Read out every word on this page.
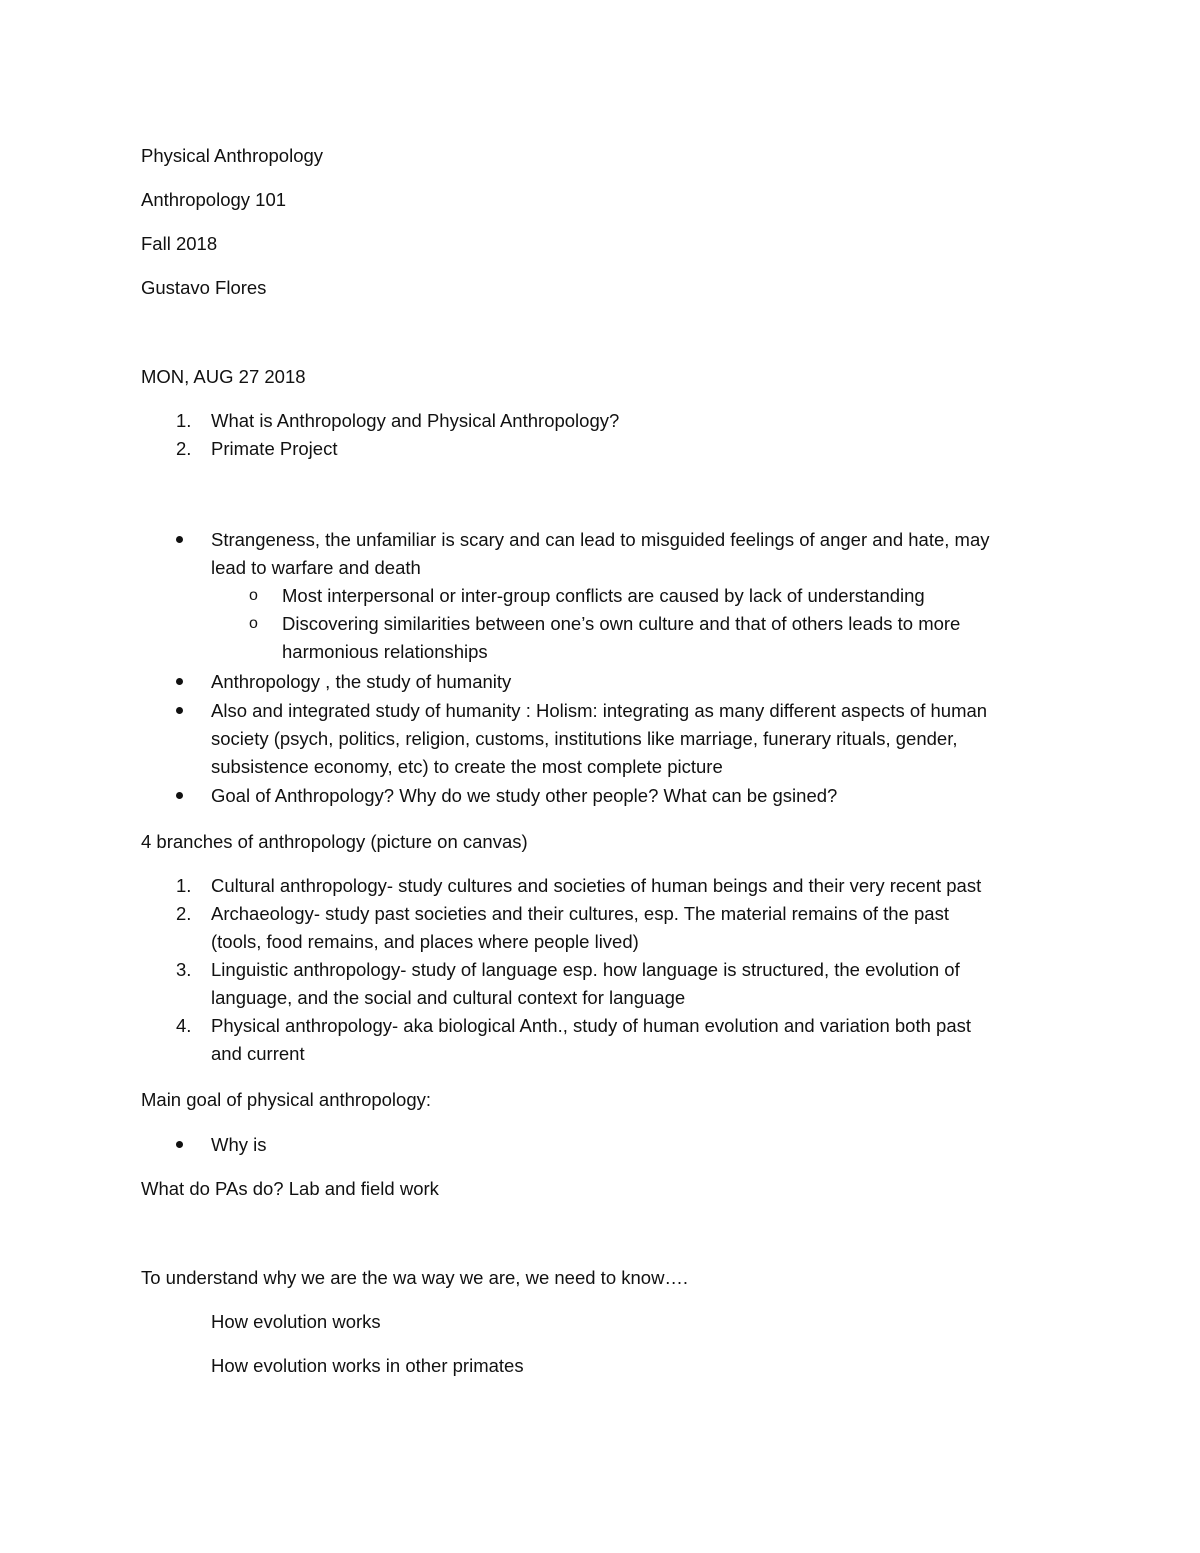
Physical Anthropology
Anthropology 101
Fall 2018
Gustavo Flores
MON, AUG 27 2018
1. What is Anthropology and Physical Anthropology?
2. Primate Project
Strangeness, the unfamiliar is scary and can lead to misguided feelings of anger and hate, may
lead to warfare and death
o Most interpersonal or inter-group conflicts are caused by lack of understanding
o Discovering similarities between one’s own culture and that of others leads to more
harmonious relationships
Anthropology , the study of humanity
Also and integrated study of humanity : Holism: integrating as many different aspects of human
society (psych, politics, religion, customs, institutions like marriage, funerary rituals, gender,
subsistence economy, etc) to create the most complete picture
Goal of Anthropology? Why do we study other people? What can be gsined?
4 branches of anthropology (picture on canvas)
1. Cultural anthropology- study cultures and societies of human beings and their very recent past
2. Archaeology- study past societies and their cultures, esp. The material remains of the past
(tools, food remains, and places where people lived)
3. Linguistic anthropology- study of language esp. how language is structured, the evolution of
language, and the social and cultural context for language
4. Physical anthropology- aka biological Anth., study of human evolution and variation both past
and current
Main goal of physical anthropology:
Why is
What do PAs do? Lab and field work
To understand why we are the wa way we are, we need to know….
How evolution works
How evolution works in other primates
